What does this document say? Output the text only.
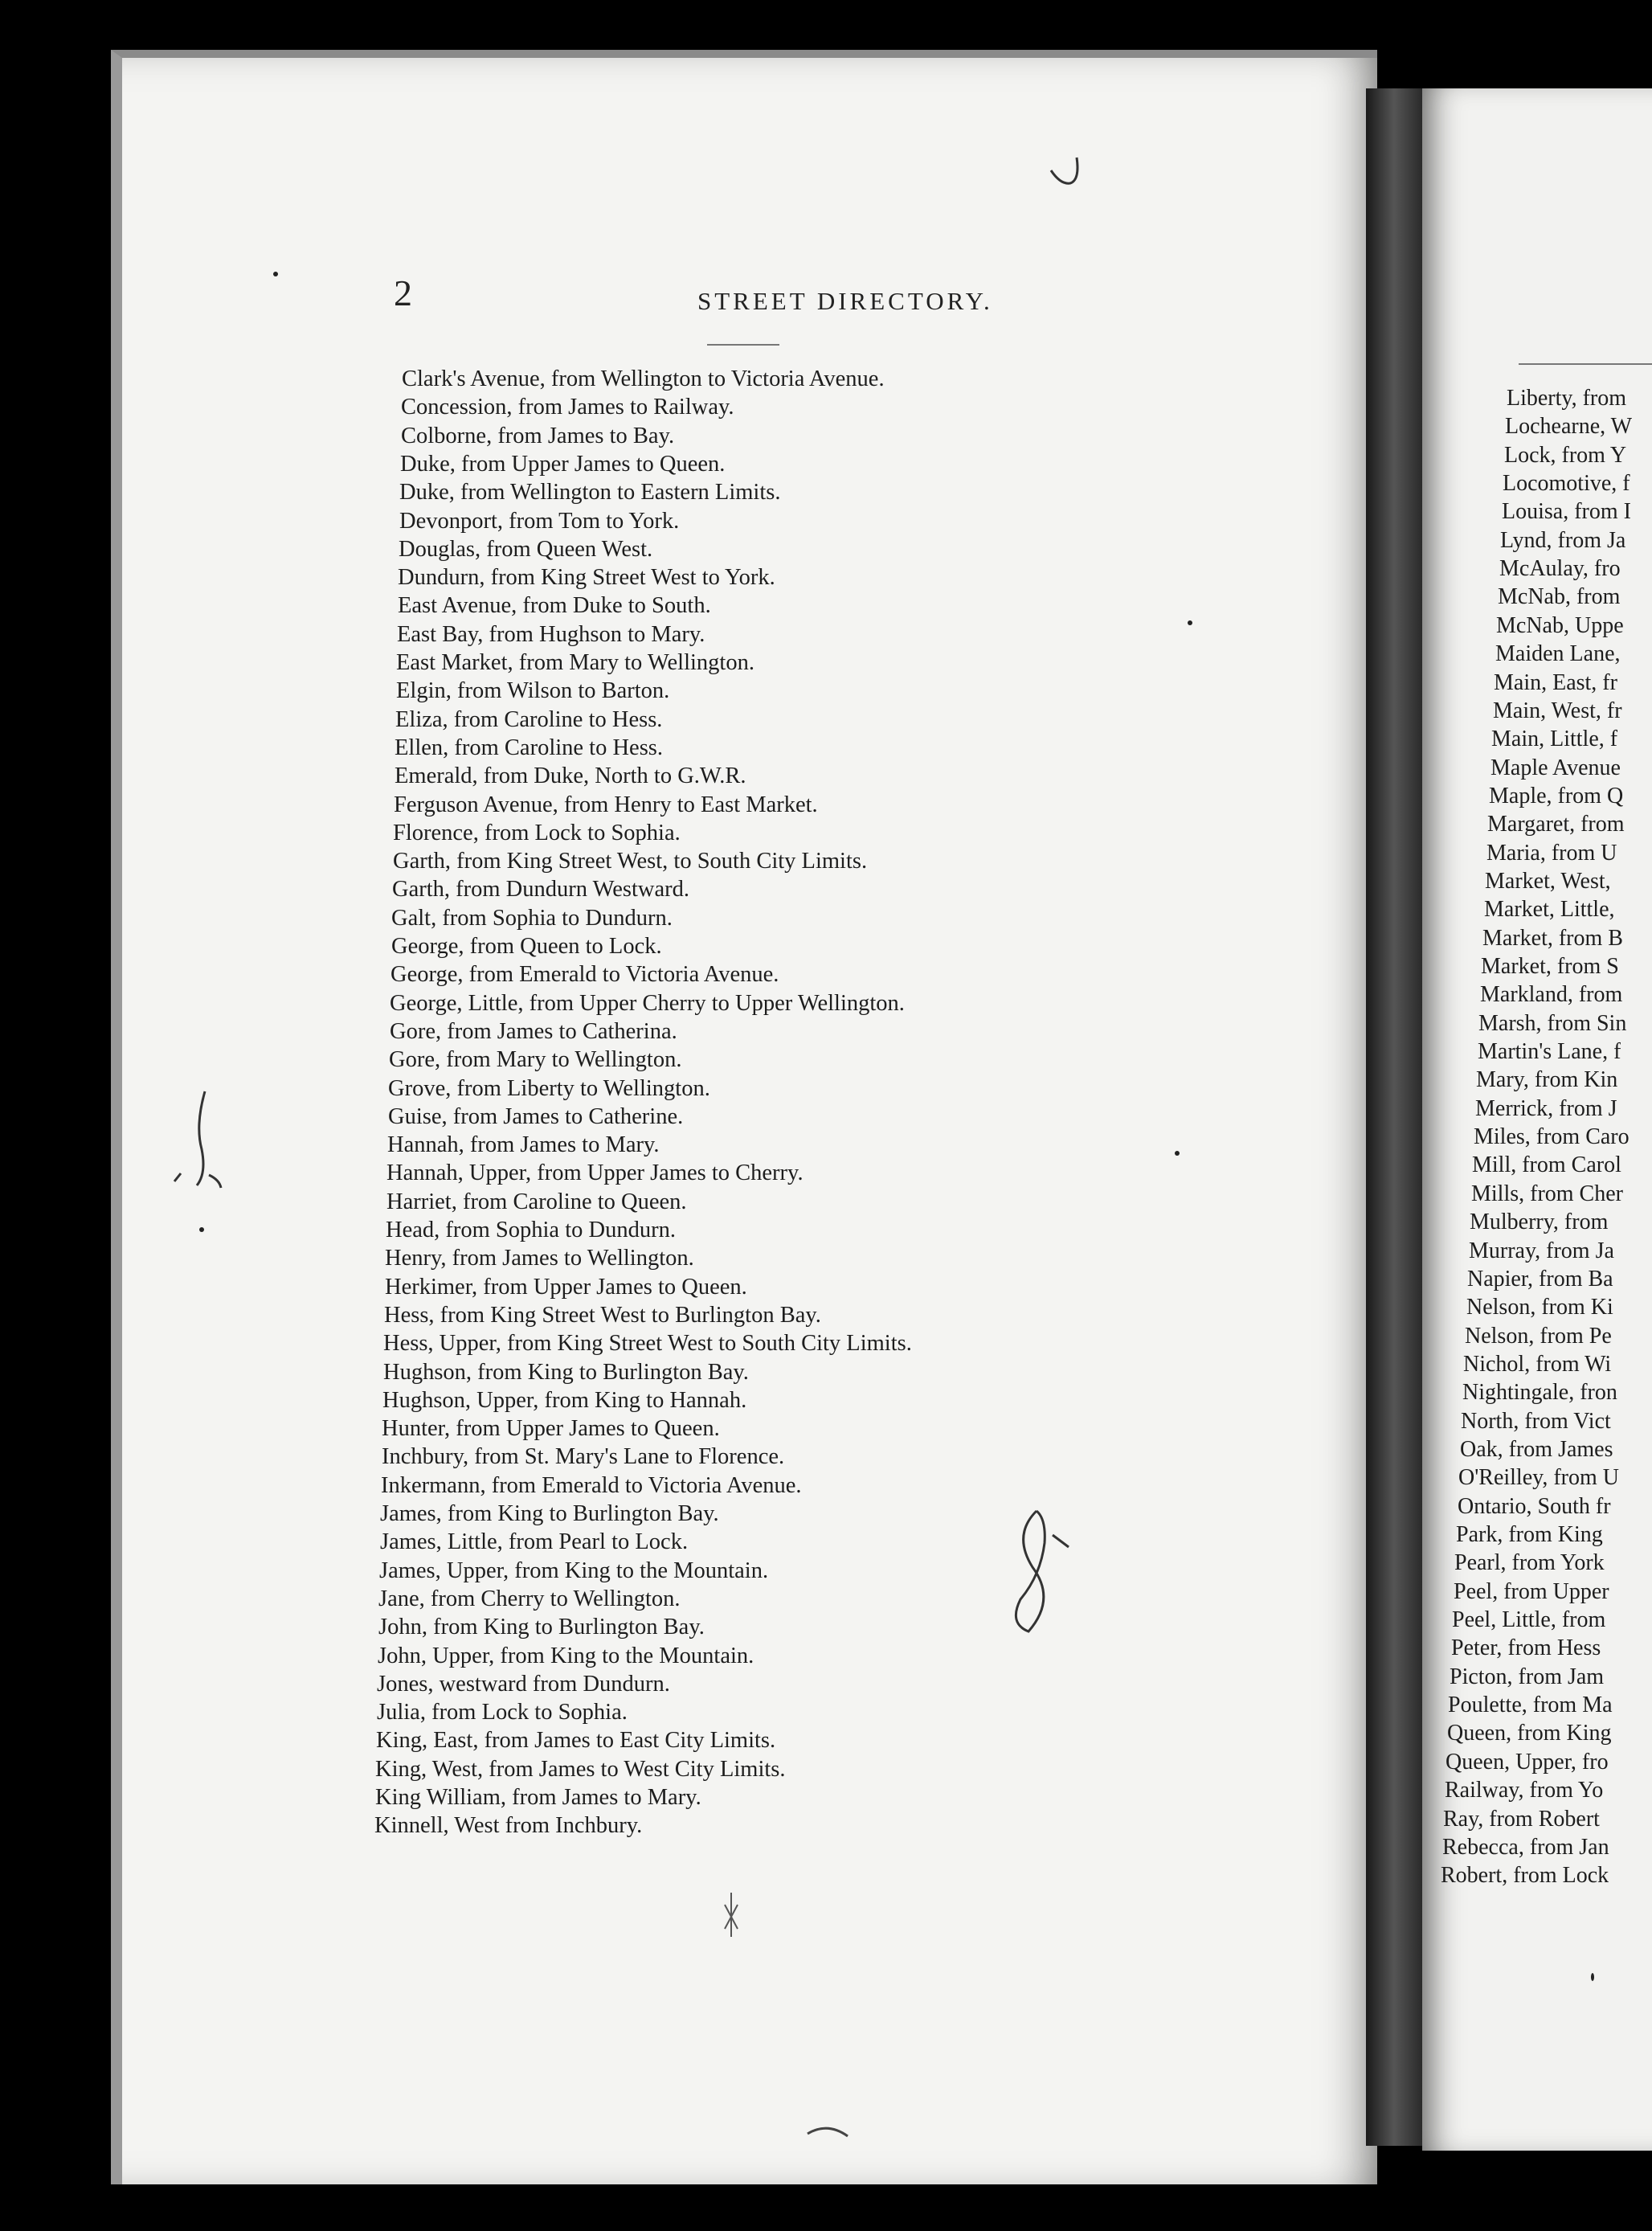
2	STREET DIRECTORY.

Clark's Avenue, from Wellington to Victoria Avenue.

Concession, from James to Railway.

Colborne, from James to Bay.

Duke, from Upper James to Queen.

Duke, from Wellington to Eastern Limits.

Devonport, from Tom to York.

Douglas, from Queen West.

Dundurn, from King Street West to York.

East Avenue, from Duke to South.

East Bay, from Hughson to Mary.

East Market, from Mary to Wellington.

Elgin, from Wilson to Barton.

Eliza, from Caroline to Hess.

Ellen, from Caroline to Hess.

Emerald, from Duke, North to G.W.R.

Ferguson Avenue, from Henry to East Market.

Florence, from Lock to Sophia.

Garth, from King Street West, to South City Limits.

Garth, from Dundurn Westward.

Galt, from Sophia to Dundurn.

George, from Queen to Lock.

George, from Emerald to Victoria Avenue.

George, Little, from Upper Cherry to Upper Wellington.

Gore, from James to Catherina.

Gore, from Mary to Wellington.

Grove, from Liberty to Wellington.

Guise, from James to Catherine.

Hannah, from James to Mary.

Hannah, Upper, from Upper James to Cherry.

Harriet, from Caroline to Queen.

Head, from Sophia to Dundurn.

Henry, from James to Wellington.

Herkimer, from Upper James to Queen.

Hess, from King Street West to Burlington Bay.

Hess, Upper, from King Street West to South City Limits.

Hughson, from King to Burlington Bay.

Hughson, Upper, from King to Hannah.

Hunter, from Upper James to Queen.

Inchbury, from St. Mary's Lane to Florence.

Inkermann, from Emerald to Victoria Avenue.

James, from King to Burlington Bay.

James, Little, from Pearl to Lock.

James, Upper, from King to the Mountain.

Jane, from Cherry to Wellington.

John, from King to Burlington Bay.

John, Upper, from King to the Mountain.

Jones, westward from Dundurn.

Julia, from Lock to Sophia.

King, East, from James to East City Limits.

King, West, from James to West City Limits.

King William, from James to Mary.

Kinnell, West from Inchbury.

Liberty, from

Lochearne, W

Lock, from Y

Locomotive, f

Louisa, from I

Lynd, from Ja

McAulay, fro

McNab, from

McNab, Uppe

Maiden Lane,

Main, East, fr

Main, West, fr

Main, Little, f

Maple Avenue

Maple, from Q

Margaret, from

Maria, from U

Market, West,

Market, Little,

Market, from B

Market, from S

Markland, from

Marsh, from Sin

Martin's Lane, f

Mary, from Kin

Merrick, from J

Miles, from Caro

Mill, from Carol

Mills, from Cher

Mulberry, from

Murray, from Ja

Napier, from Ba

Nelson, from Ki

Nelson, from Pe

Nichol, from Wi

Nightingale, fron

North, from Vict

Oak, from James

O'Reilley, from U

Ontario, South fr

Park, from King

Pearl, from York

Peel, from Upper

Peel, Little, from

Peter, from Hess

Picton, from Jam

Poulette, from Ma

Queen, from King

Queen, Upper, fro

Railway, from Yo

Ray, from Robert

Rebecca, from Jan

Robert, from Lock
